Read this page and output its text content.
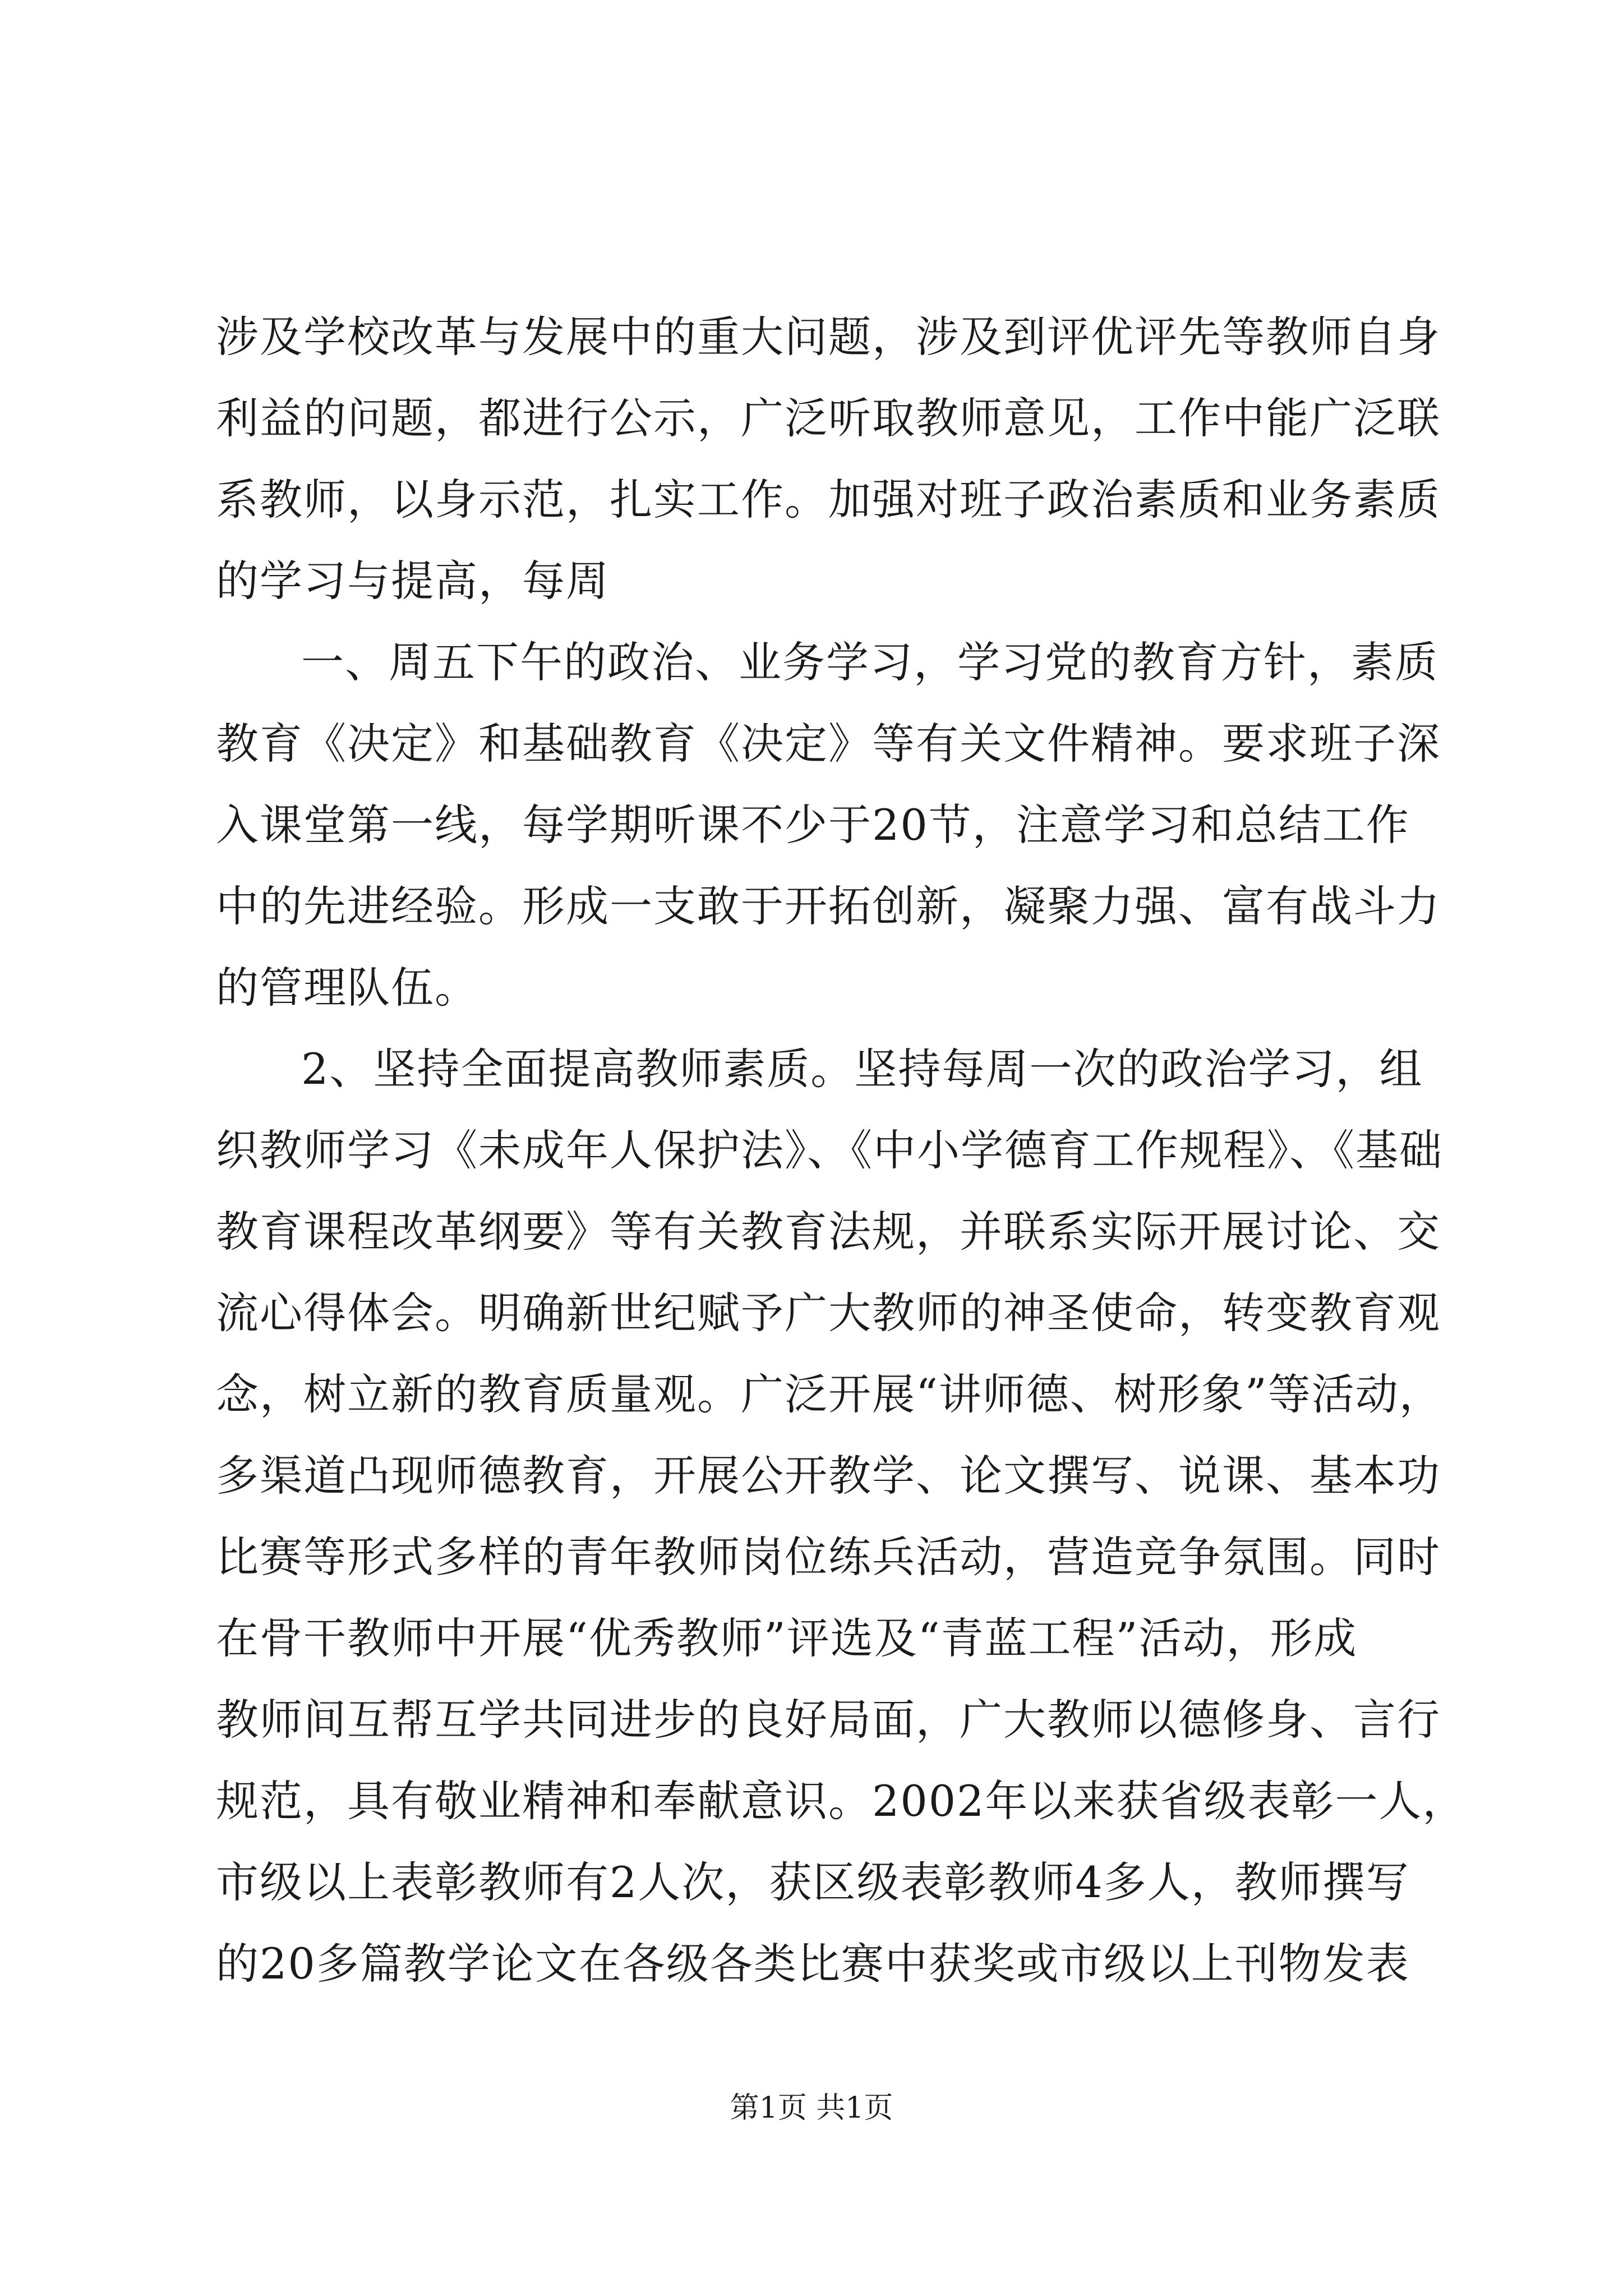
涉及学校改革与发展中的重大问题，涉及到评优评先等教师自身
利益的问题，都进行公示，广泛听取教师意见，工作中能广泛联
系教师，以身示范，扎实工作。加强对班子政治素质和业务素质
的学习与提高，每周
一、周五下午的政治、业务学习，学习党的教育方针，素质
教育《决定》和基础教育《决定》等有关文件精神。要求班子深
入课堂第一线，每学期听课不少于20节，注意学习和总结工作
中的先进经验。形成一支敢于开拓创新，凝聚力强、富有战斗力
的管理队伍。
2、坚持全面提高教师素质。坚持每周一次的政治学习，组
织教师学习《未成年人保护法》、《中小学德育工作规程》、《基础
教育课程改革纲要》等有关教育法规，并联系实际开展讨论、交
流心得体会。明确新世纪赋予广大教师的神圣使命，转变教育观
念，树立新的教育质量观。广泛开展“讲师德、树形象”等活动，
多渠道凸现师德教育，开展公开教学、论文撰写、说课、基本功
比赛等形式多样的青年教师岗位练兵活动，营造竞争氛围。同时
在骨干教师中开展“优秀教师”评选及“青蓝工程”活动，形成
教师间互帮互学共同进步的良好局面，广大教师以德修身、言行
规范，具有敬业精神和奉献意识。2002年以来获省级表彰一人，
市级以上表彰教师有2人次，获区级表彰教师4多人，教师撰写
的20多篇教学论文在各级各类比赛中获奖或市级以上刊物发表
第1页 共1页
